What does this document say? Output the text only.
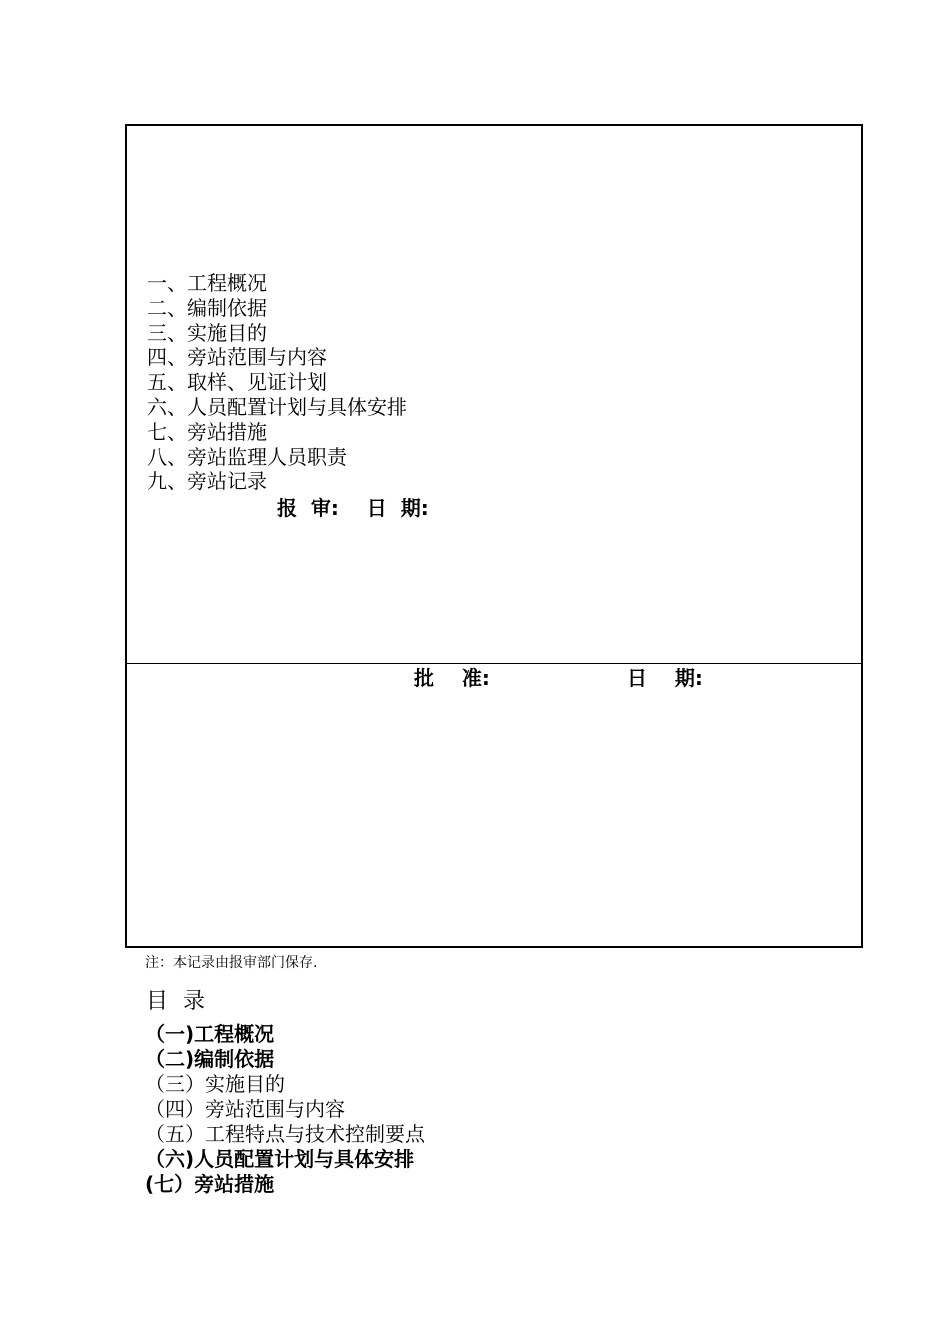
一、工程概况
二、编制依据
三、实施目的
四、旁站范围与内容
五、取样、见证计划
六、人员配置计划与具体安排
七、旁站措施
八、旁站监理人员职责
九、旁站记录
报  审:    日  期:
批    准:	日    期:
注：本记录由报审部门保存.
目 录
（一)工程概况
（二)编制依据
（三）实施目的
（四）旁站范围与内容
（五）工程特点与技术控制要点
（六)人员配置计划与具体安排
(七）旁站措施
